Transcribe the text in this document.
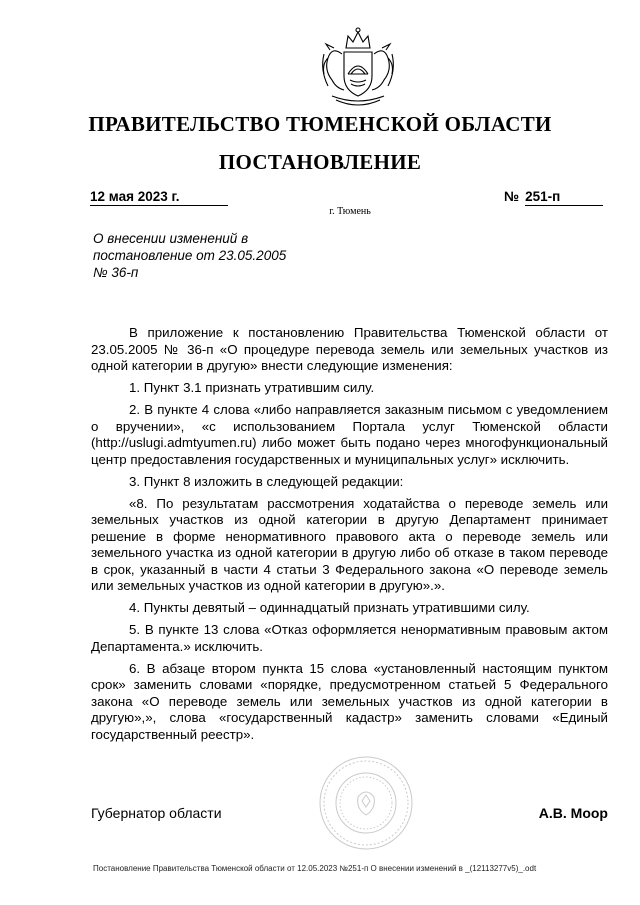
ПРАВИТЕЛЬСТВО ТЮМЕНСКОЙ ОБЛАСТИ
ПОСТАНОВЛЕНИЕ
12 мая 2023 г.	№ 251-п
г. Тюмень
О внесении изменений в
постановление от 23.05.2005
№ 36-п

В приложение к постановлению Правительства Тюменской области от 23.05.2005 № 36-п «О процедуре перевода земель или земельных участков из одной категории в другую» внести следующие изменения:

1. Пункт 3.1 признать утратившим силу.

2. В пункте 4 слова «либо направляется заказным письмом с уведомлением о вручении», «с использованием Портала услуг Тюменской области (http://uslugi.admtyumen.ru) либо может быть подано через многофункциональный центр предоставления государственных и муниципальных услуг» исключить.

3. Пункт 8 изложить в следующей редакции:

«8. По результатам рассмотрения ходатайства о переводе земель или земельных участков из одной категории в другую Департамент принимает решение в форме ненормативного правового акта о переводе земель или земельного участка из одной категории в другую либо об отказе в таком переводе в срок, указанный в части 4 статьи 3 Федерального закона «О переводе земель или земельных участков из одной категории в другую».».

4. Пункты девятый – одиннадцатый признать утратившими силу.

5. В пункте 13 слова «Отказ оформляется ненормативным правовым актом Департамента.» исключить.

6. В абзаце втором пункта 15 слова «установленный настоящим пунктом срок» заменить словами «порядке, предусмотренном статьей 5 Федерального закона «О переводе земель или земельных участков из одной категории в другую»,», слова «государственный кадастр» заменить словами «Единый государственный реестр».

Губернатор области	А.В. Моор
Постановление Правительства Тюменской области от 12.05.2023 №251-п О внесении изменений в _(12113277v5)_.odt
